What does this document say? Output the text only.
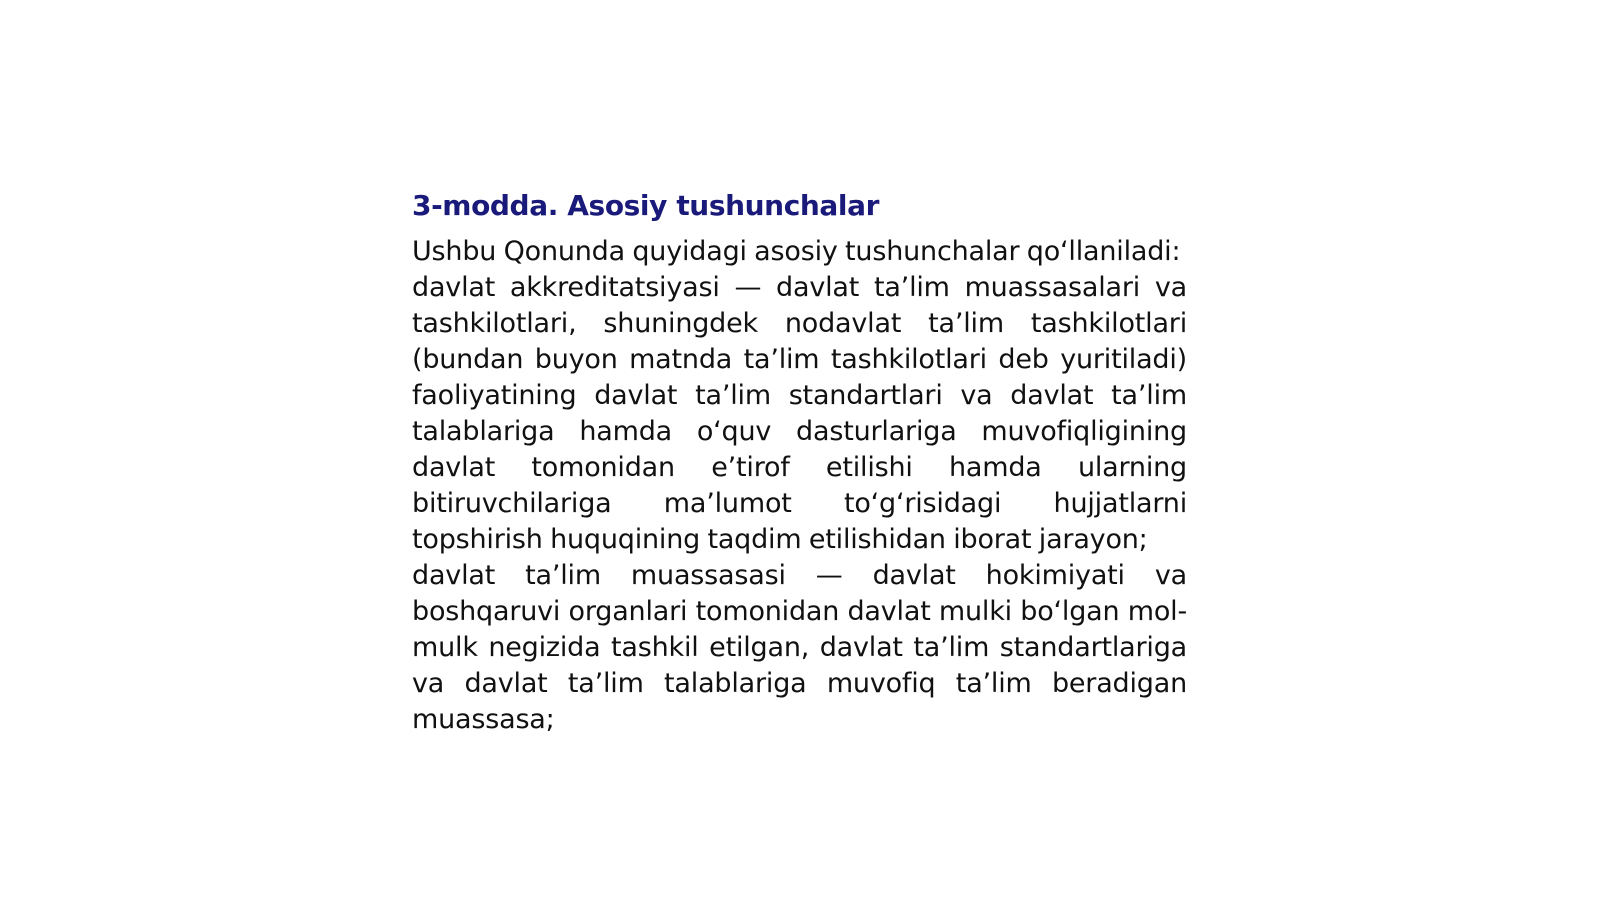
3-modda. Asosiy tushunchalar

Ushbu Qonunda quyidagi asosiy tushunchalar qo‘llaniladi:

davlat akkreditatsiyasi — davlat ta’lim muassasalari va tashkilotlari, shuningdek nodavlat ta’lim tashkilotlari (bundan buyon matnda ta’lim tashkilotlari deb yuritiladi) faoliyatining davlat ta’lim standartlari va davlat ta’lim talablariga hamda o‘quv dasturlariga muvofiqligining davlat tomonidan e’tirof etilishi hamda ularning bitiruvchilariga ma’lumot to‘g‘risidagi hujjatlarni topshirish huquqining taqdim etilishidan iborat jarayon;

davlat ta’lim muassasasi — davlat hokimiyati va boshqaruvi organlari tomonidan davlat mulki bo‘lgan mol-mulk negizida tashkil etilgan, davlat ta’lim standartlariga va davlat ta’lim talablariga muvofiq ta’lim beradigan muassasa;
